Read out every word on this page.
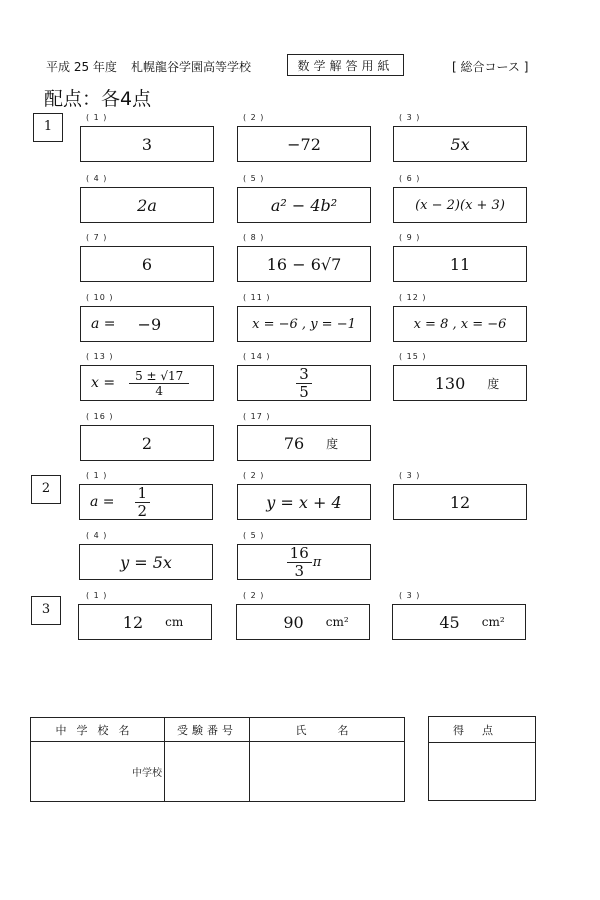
平成 25 年度 札幌龍谷学園高等学校	数学解答用紙	[ 総合コース ]
配点：各4点
1
( 1 )
3
( 2 )
−72
( 3 )
5x
( 4 )
2a
( 5 )
a² − 4b²
( 6 )
(x − 2)(x + 3)
( 7 )
6
( 8 )
16 − 6√7
( 9 )
11
( 10 )
a = −9
( 11 )
x = −6 , y = −1
( 12 )
x = 8 , x = −6
( 13 )
$x = \frac{5 \pm √17}{4}$
( 14 )
$\frac{3}{5}$
( 15 )
130 度
( 16 )
2
( 17 )
76 度
2
( 1 )
$a = \frac{1}{2}$
( 2 )
y = x + 4
( 3 )
12
( 4 )
y = 5x
( 5 )
$\frac{16}{3}$ π
3
( 1 )
12 cm
( 2 )
90 cm²
( 3 )
45 cm²
中学校名	受験番号	氏　名
中学校		
得点
